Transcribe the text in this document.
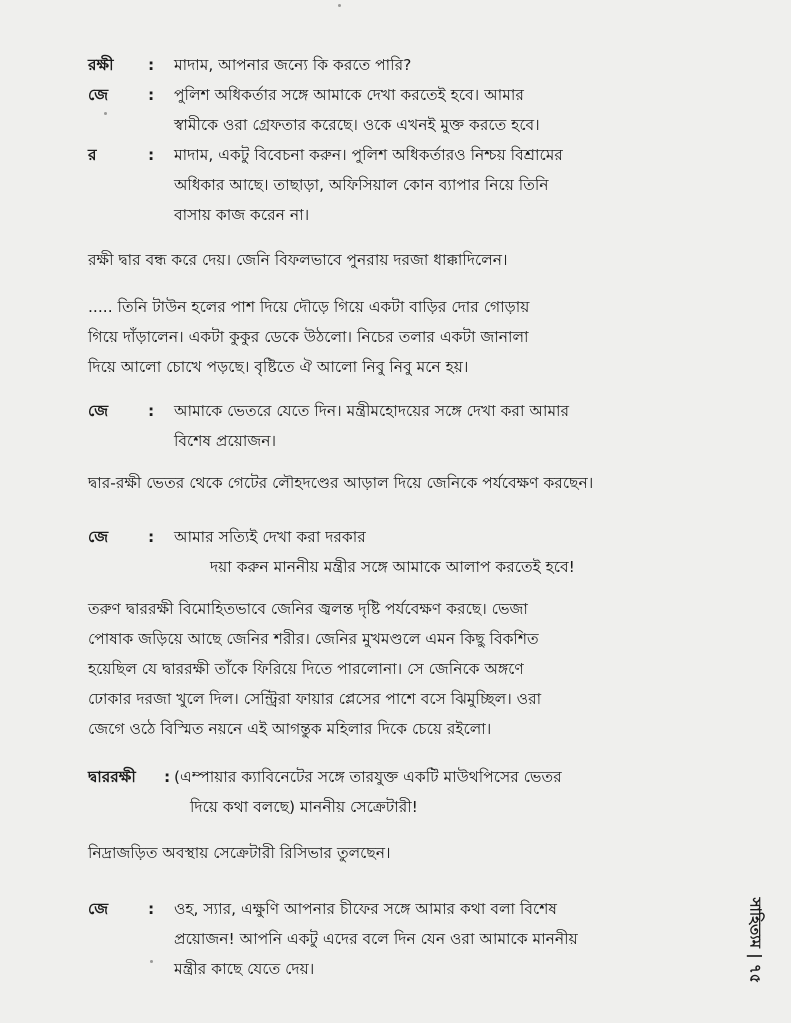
রক্ষী	:	মাদাম, আপনার জন্যে কি করতে পারি?
জে	:	পুলিশ অধিকর্তার সঙ্গে আমাকে দেখা করতেই হবে। আমার
স্বামীকে ওরা গ্রেফতার করেছে। ওকে এখনই মুক্ত করতে হবে।
র	:	মাদাম, একটু বিবেচনা করুন। পুলিশ অধিকর্তারও নিশ্চয় বিশ্রামের
অধিকার আছে। তাছাড়া, অফিসিয়াল কোন ব্যাপার নিয়ে তিনি
বাসায় কাজ করেন না।
রক্ষী দ্বার বন্ধ করে দেয়। জেনি বিফলভাবে পুনরায় দরজা ধাক্কাদিলেন।
..... তিনি টাউন হলের পাশ দিয়ে দৌড়ে গিয়ে একটা বাড়ির দোর গোড়ায়
গিয়ে দাঁড়ালেন। একটা কুকুর ডেকে উঠলো। নিচের তলার একটা জানালা
দিয়ে আলো চোখে পড়ছে। বৃষ্টিতে ঐ আলো নিবু নিবু মনে হয়।
জে	:	আমাকে ভেতরে যেতে দিন। মন্ত্রীমহোদয়ের সঙ্গে দেখা করা আমার
বিশেষ প্রয়োজন।
দ্বার-রক্ষী ভেতর থেকে গেটের লৌহদণ্ডের আড়াল দিয়ে জেনিকে পর্যবেক্ষণ করছেন।
জে	:	আমার সত্যিই দেখা করা দরকার
দয়া করুন মাননীয় মন্ত্রীর সঙ্গে আমাকে আলাপ করতেই হবে!
তরুণ দ্বাররক্ষী বিমোহিতভাবে জেনির জ্বলন্ত দৃষ্টি পর্যবেক্ষণ করছে। ভেজা
পোষাক জড়িয়ে আছে জেনির শরীর। জেনির মুখমণ্ডলে এমন কিছু বিকশিত
হয়েছিল যে দ্বাররক্ষী তাঁকে ফিরিয়ে দিতে পারলোনা। সে জেনিকে অঙ্গণে
ঢোকার দরজা খুলে দিল। সেন্ট্রিরা ফায়ার প্লেসের পাশে বসে ঝিমুচ্ছিল। ওরা
জেগে ওঠে বিস্মিত নয়নে এই আগন্তুক মহিলার দিকে চেয়ে রইলো।
দ্বাররক্ষী	: (এম্পায়ার ক্যাবিনেটের সঙ্গে তারযুক্ত একটি মাউথপিসের ভেতর
দিয়ে কথা বলছে) মাননীয় সেক্রেটারী!
নিদ্রাজড়িত অবস্থায় সেক্রেটারী রিসিভার তুলছেন।
জে	:	ওহ, স্যার, এক্ষুণি আপনার চীফের সঙ্গে আমার কথা বলা বিশেষ
প্রয়োজন! আপনি একটু এদের বলে দিন যেন ওরা আমাকে মাননীয়
মন্ত্রীর কাছে যেতে দেয়।	সাহিত্যম | ৭৫
